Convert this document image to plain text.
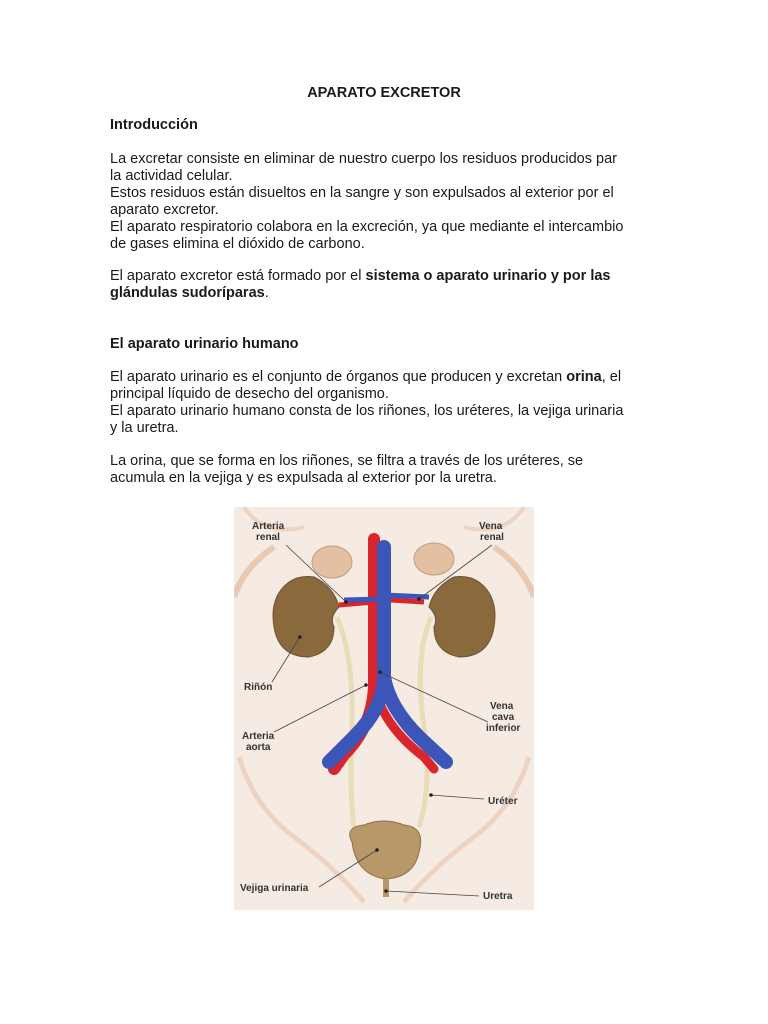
APARATO EXCRETOR
Introducción
La excretar consiste en eliminar de nuestro cuerpo los residuos producidos par
la actividad celular.
Estos residuos están disueltos en la sangre y son expulsados al exterior por el
aparato excretor.
El aparato respiratorio colabora en la excreción, ya que mediante el intercambio
de gases elimina el dióxido de carbono.
El aparato excretor está formado por el sistema o aparato urinario y por las
glándulas sudoríparas.
El aparato urinario humano
El aparato urinario es el conjunto de órganos que producen y excretan orina, el
principal líquido de desecho del organismo.
El aparato urinario humano consta de los riñones, los uréteres, la vejiga urinaria
y la uretra.
La orina, que se forma en los riñones, se filtra a través de los uréteres, se
acumula en la vejiga y es expulsada al exterior por la uretra.
Arteria
renal
Vena
renal
Riñón
Arteria
aorta
Vena
cava
inferior
Uréter
Vejiga urinaria
Uretra
